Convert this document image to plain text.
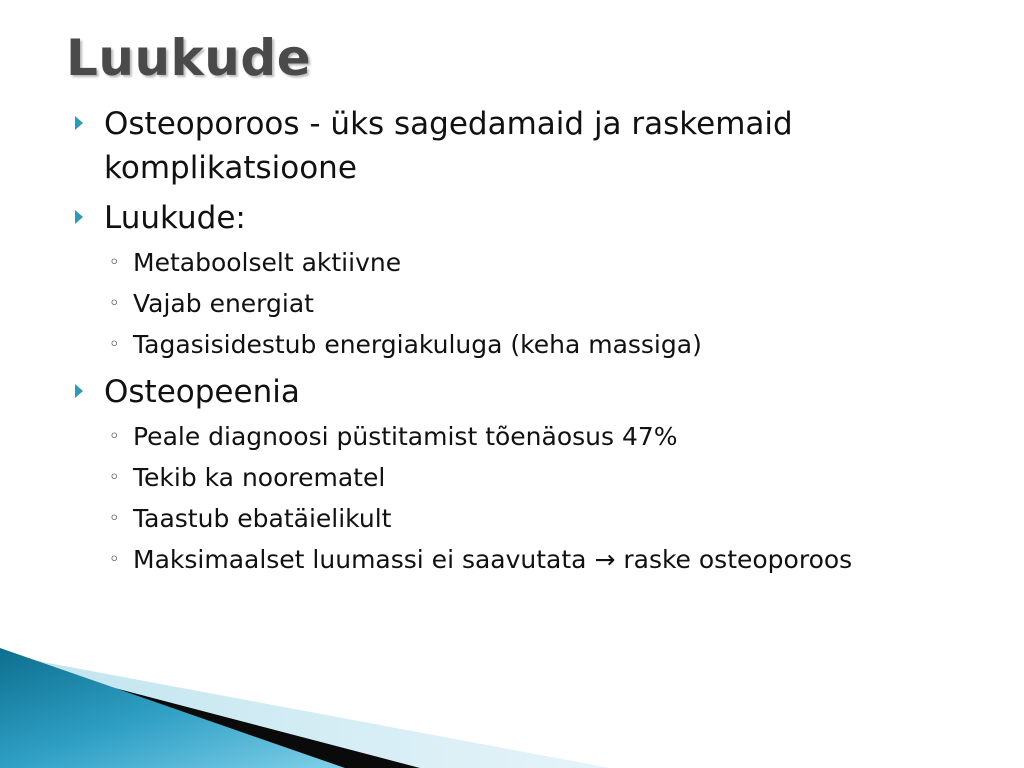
Luukude
Osteoporoos - üks sagedamaid ja raskemaid komplikatsioone
Luukude:
◦ Metaboolselt aktiivne
◦ Vajab energiat
◦ Tagasisidestub energiakuluga (keha massiga)
Osteopeenia
◦ Peale diagnoosi püstitamist tõenäosus 47%
◦ Tekib ka noorematel
◦ Taastub ebatäielikult
◦ Maksimaalset luumassi ei saavutata → raske osteoporoos
